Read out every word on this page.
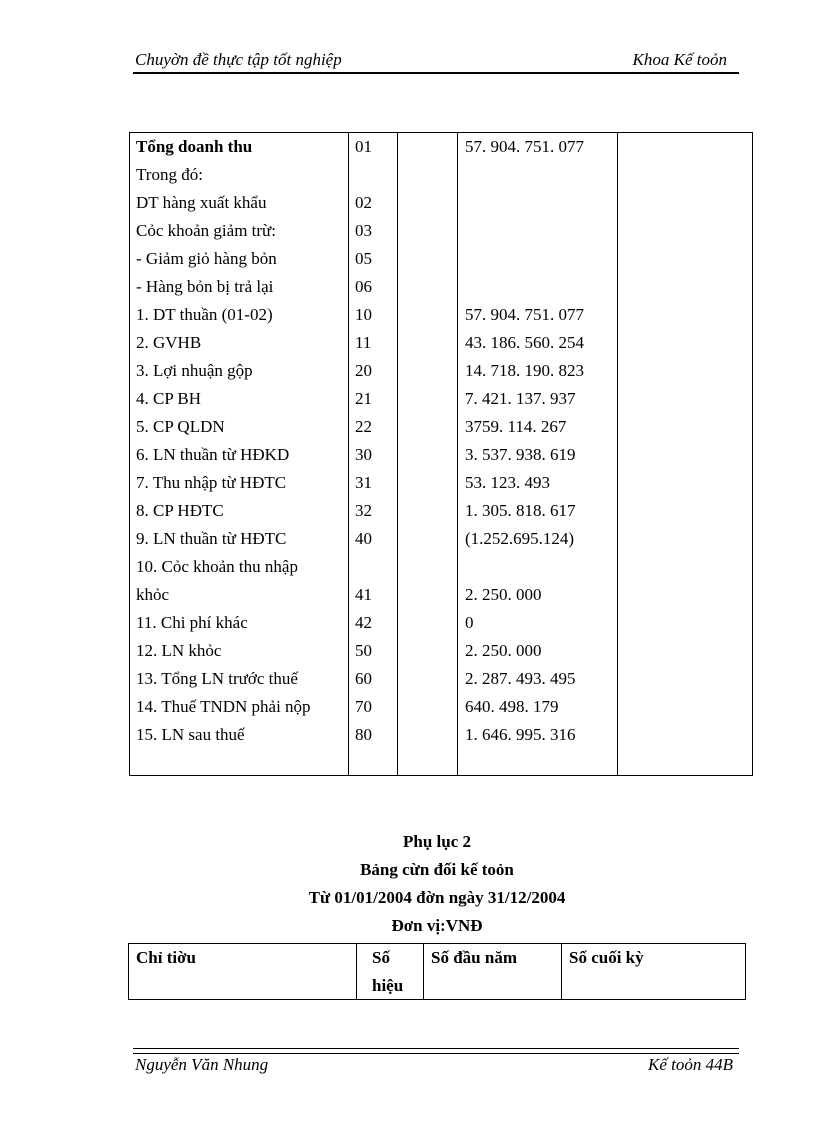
Chuyờn đề thực tập tốt nghiệp	Khoa Kế toỏn
Tổng doanh thu	01	57. 904. 751. 077
Trong đó:
DT hàng xuất khẩu	02
Cỏc khoản giảm trừ:	03
- Giảm giỏ hàng bỏn	05
- Hàng bỏn bị trả lại	06
1. DT thuần (01-02)	10	57. 904. 751. 077
2. GVHB	11	43. 186. 560. 254
3. Lợi nhuận gộp	20	14. 718. 190. 823
4. CP BH	21	7. 421. 137. 937
5. CP QLDN	22	3759. 114. 267
6. LN thuần từ HĐKD	30	3. 537. 938. 619
7. Thu nhập từ HĐTC	31	53. 123. 493
8. CP HĐTC	32	1. 305. 818. 617
9. LN thuần từ HĐTC	40	(1.252.695.124)
10. Cỏc khoản thu nhập
khỏc	41	2. 250. 000
11. Chi phí khác	42	0
12. LN khỏc	50	2. 250. 000
13. Tổng LN trước thuế	60	2. 287. 493. 495
14. Thuế TNDN phải nộp	70	640. 498. 179
15. LN sau thuế	80	1. 646. 995. 316
Phụ lục 2
Bảng cừn đối kế toỏn
Từ 01/01/2004 đờn ngày 31/12/2004
Đơn vị:VNĐ
Chỉ tiờu	Số
hiệu
Số đầu năm	Số cuối kỳ
Nguyễn Văn Nhung	Kế toỏn 44B
